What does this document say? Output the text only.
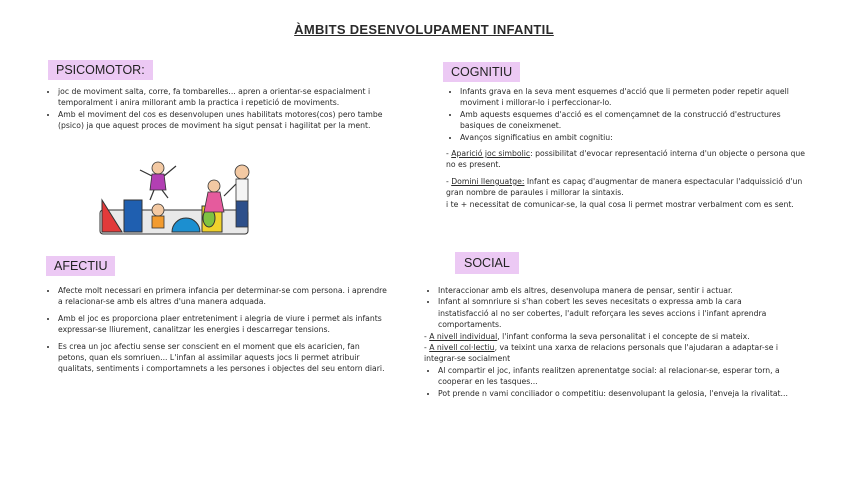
ÀMBITS DESENVOLUPAMENT INFANTIL
PSICOMOTOR:
• joc de moviment salta, corre, fa tombarelles... apren a orientar-se espacialment i temporalment i anira millorant amb la practica i repetició de moviments.
• Amb el moviment del cos es desenvolupen unes habilitats motores(cos) pero tambe (psico) ja que aquest proces de moviment ha sigut pensat i hagilitat per la ment.
COGNITIU
• Infants grava en la seva ment esquemes d'acció que li permeten poder repetir aquell moviment i millorar-lo i perfeccionar-lo.
• Amb aquests esquemes d'acció es el començamnet de la construcció d'estructures basiques de coneixmenet.
• Avanços significatius en ambit cognitiu:

- Aparició joc simbolic: possibilitat d'evocar representació interna d'un objecte o persona que no es present.

- Domini llenguatge: Infant es capaç d'augmentar de manera espectacular l'adquissició d'un gran nombre de paraules i millorar la sintaxis.

i te + necessitat de comunicar-se, la qual cosa li permet mostrar verbalment com es sent.

AFECTIU
• Afecte molt necessari en primera infancia per determinar-se com persona. i aprendre a relacionar-se amb els altres d'una manera adquada.
• Amb el joc es proporciona plaer entreteniment i alegria de viure i permet als infants expressar-se lliurement, canalitzar les energies i descarregar tensions.
• Es crea un joc afectiu sense ser conscient en el moment que els acaricien, fan petons, quan els somriuen... L'infan al assimilar aquests jocs li permet atribuir qualitats, sentiments i comportamnets a les persones i objectes del seu entorn diari.
SOCIAL
• Interaccionar amb els altres, desenvolupa manera de pensar, sentir i actuar.
• Infant al somnriure si s'han cobert les seves necesitats o expressa amb la cara instatisfacció al no ser cobertes, l'adult reforçara les seves accions i l'infant aprendra comportaments.

- A nivell individual, l'infant conforma la seva personalitat i el concepte de si mateix.

- A nivell col·lectiu, va teixint una xarxa de relacions personals que l'ajudaran a adaptar-se i integrar-se socialment

• Al compartir el joc, infants realitzen aprenentatge social: al relacionar-se, esperar torn, a cooperar en les tasques...
• Pot prende n vami conciliador o competitiu: desenvolupant la gelosia, l'enveja la rivalitat...
